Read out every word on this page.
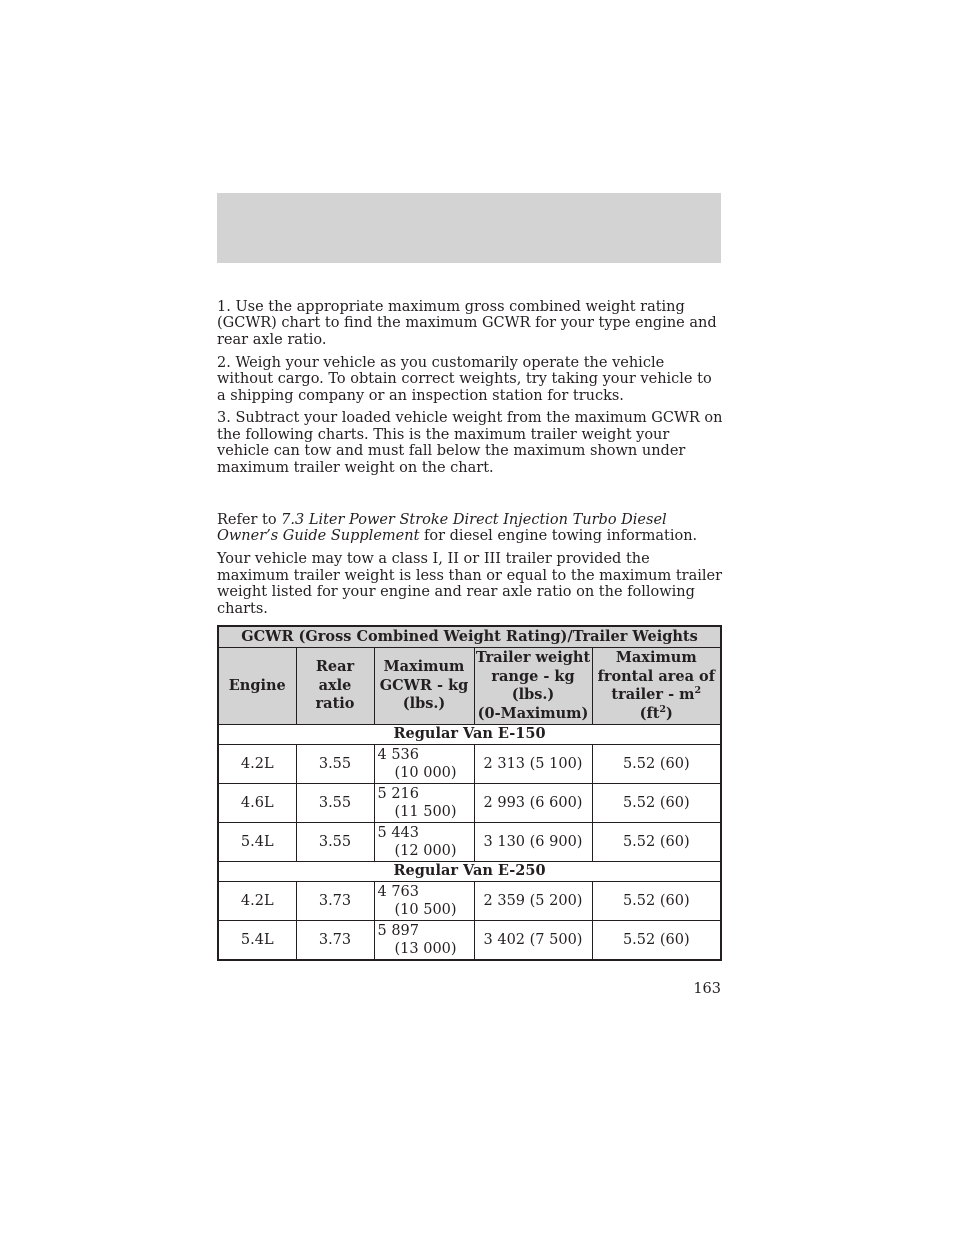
1. Use the appropriate maximum gross combined weight rating (GCWR) chart to find the maximum GCWR for your type engine and rear axle ratio.

2. Weigh your vehicle as you customarily operate the vehicle without cargo. To obtain correct weights, try taking your vehicle to a shipping company or an inspection station for trucks.

3. Subtract your loaded vehicle weight from the maximum GCWR on the following charts. This is the maximum trailer weight your vehicle can tow and must fall below the maximum shown under maximum trailer weight on the chart.

Refer to 7.3 Liter Power Stroke Direct Injection Turbo Diesel Owner’s Guide Supplement for diesel engine towing information.

Your vehicle may tow a class I, II or III trailer provided the maximum trailer weight is less than or equal to the maximum trailer weight listed for your engine and rear axle ratio on the following charts.

GCWR (Gross Combined Weight Rating)/Trailer Weights				
Engine	Rear
axle
ratio	Maximum
GCWR - kg
(lbs.)	Trailer weight
range - kg
(lbs.)
(0-Maximum)	Maximum
frontal area of
trailer - $m^2$
$(ft^2)$
Regular Van E-150				
4.2L	3.55	4 536
(10 000)	2 313 (5 100)	5.52 (60)
4.6L	3.55	5 216
(11 500)	2 993 (6 600)	5.52 (60)
5.4L	3.55	5 443
(12 000)	3 130 (6 900)	5.52 (60)
Regular Van E-250				
4.2L	3.73	4 763
(10 500)	2 359 (5 200)	5.52 (60)
5.4L	3.73	5 897
(13 000)	3 402 (7 500)	5.52 (60)
163
